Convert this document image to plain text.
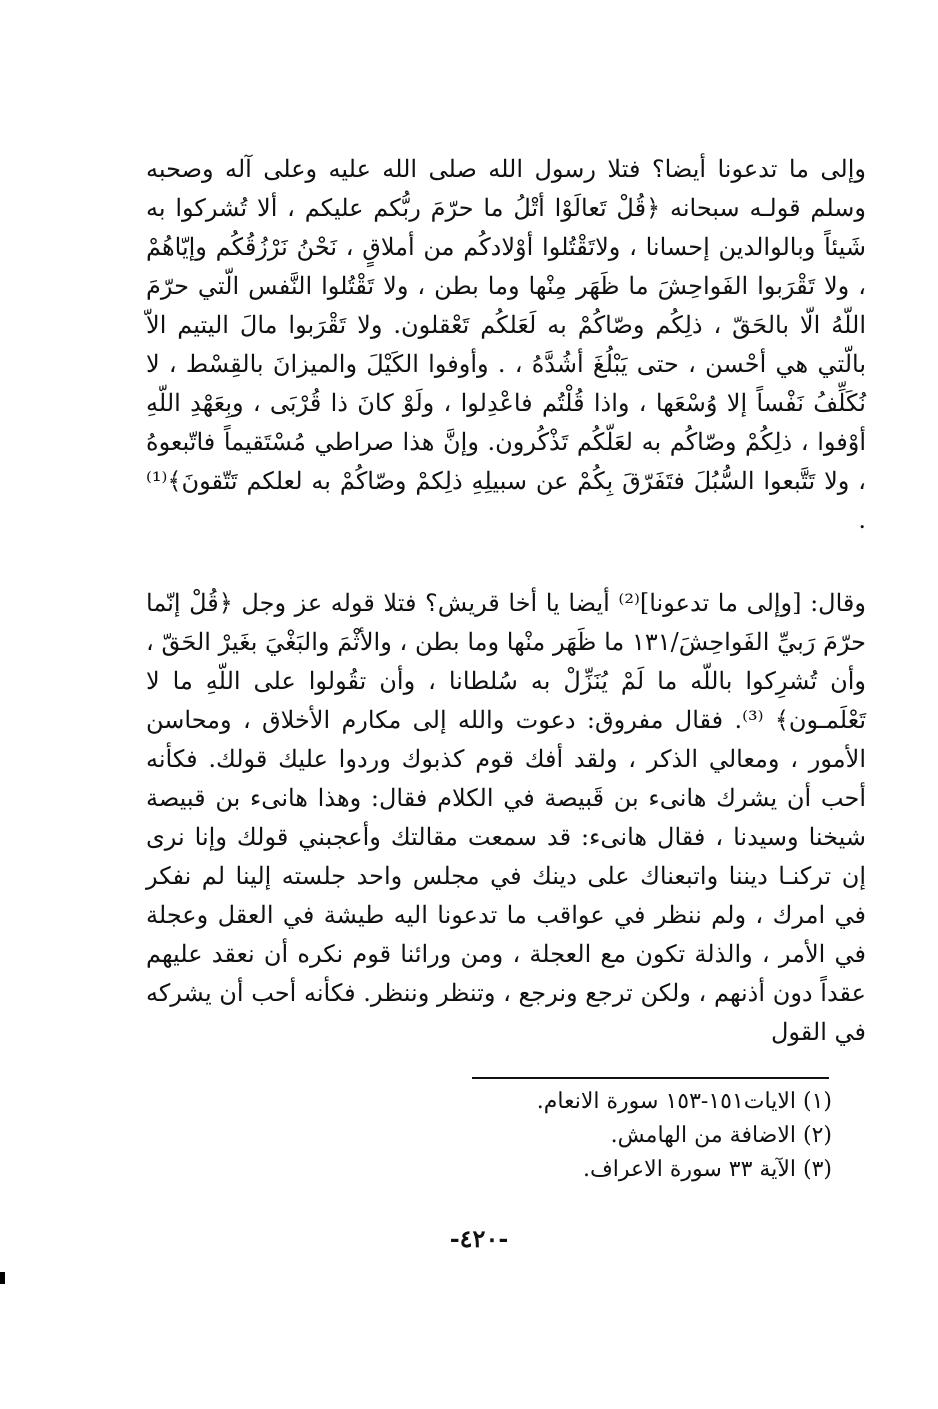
وإلى ما تدعونا أيضا؟ فتلا رسول الله صلى الله عليه وعلى آله وصحبه وسلم قولـه سبحانه ﴿قُلْ تَعالَوْا أتْلُ ما حرّمَ ربُّكم عليكم ، ألا تُشركوا به شَيئاً وبالوالدين إحسانا ، ولاتَقْتُلوا أوْلادكُم من أملاقٍ ، نَحْنُ نَرْزُقُكُم وإيّاهُمْ ، ولا تَقْرَبوا الفَواحِشَ ما ظَهَر مِنْها وما بطن ، ولا تَقْتُلوا النَّفس الّتي حرّمَ اللّهُ الّا بالحَقّ ، ذلِكُم وصّاكُمْ به لَعَلكُم تَعْقلون. ولا تَقْرَبوا مالَ اليتيم الاّ بالّتي هي أحْسن ، حتى يَبْلُغَ أشُدَّهُ ، . وأوفوا الكَيْلَ والميزانَ بالقِسْط ، لا نُكَلِّفُ نَفْساً إلا وُسْعَها ، واذا قُلْتُم فاعْدِلوا ، ولَوْ كانَ ذا قُرْبَى ، وبِعَهْدِ اللّهِ أوْفوا ، ذلِكُمْ وصّاكُم به لعَلّكُم تَذْكُرون. وإنَّ هذا صراطي مُسْتَقيماً فاتّبعوهُ ، ولا تَتَّبعوا السُّبُلَ فتَفَرّقَ بِكُمْ عن سبيلِهِ ذلِكمْ وصّاكُمْ به لعلكم تَتّقونَ﴾⁽¹⁾ .
وقال: [وإلى ما تدعونا]⁽²⁾ أيضا يا أخا قريش؟ فتلا قوله عز وجل ﴿قُلْ إنّما حرّمَ رَبيِّ الفَواحِشَ/١٣١ ما ظَهَر منْها وما بطن ، والأثْمَ والبَغْيَ بغَيرْ الحَقّ ، وأن تُشرِكوا باللّه ما لَمْ يُنَزِّلْ به سُلطانا ، وأن تقُولوا على اللّهِ ما لا تَعْلَمـون﴾ ⁽³⁾. فقال مفروق: دعوت والله إلى مكارم الأخلاق ، ومحاسن الأمور ، ومعالي الذكر ، ولقد أفك قوم كذبوك وردوا عليك قولك. فكأنه أحب أن يشرك هانىء بن قَبيصة في الكلام فقال: وهذا هانىء بن قبيصة شيخنا وسيدنا ، فقال هانىء: قد سمعت مقالتك وأعجبني قولك وإنا نرى إن تركنـا ديننا واتبعناك على دينك في مجلس واحد جلسته إلينا لم نفكر في امرك ، ولم ننظر في عواقب ما تدعونا اليه طيشة في العقل وعجلة في الأمر ، والذلة تكون مع العجلة ، ومن ورائنا قوم نكره أن نعقد عليهم عقداً دون أذنهم ، ولكن ترجع ونرجع ، وتنظر وننظر. فكأنه أحب أن يشركه في القول
(١) الايات١٥١-١٥٣ سورة الانعام.
(٢) الاضافة من الهامش.
(٣) الآية ٣٣ سورة الاعراف.
-٤٢٠-
